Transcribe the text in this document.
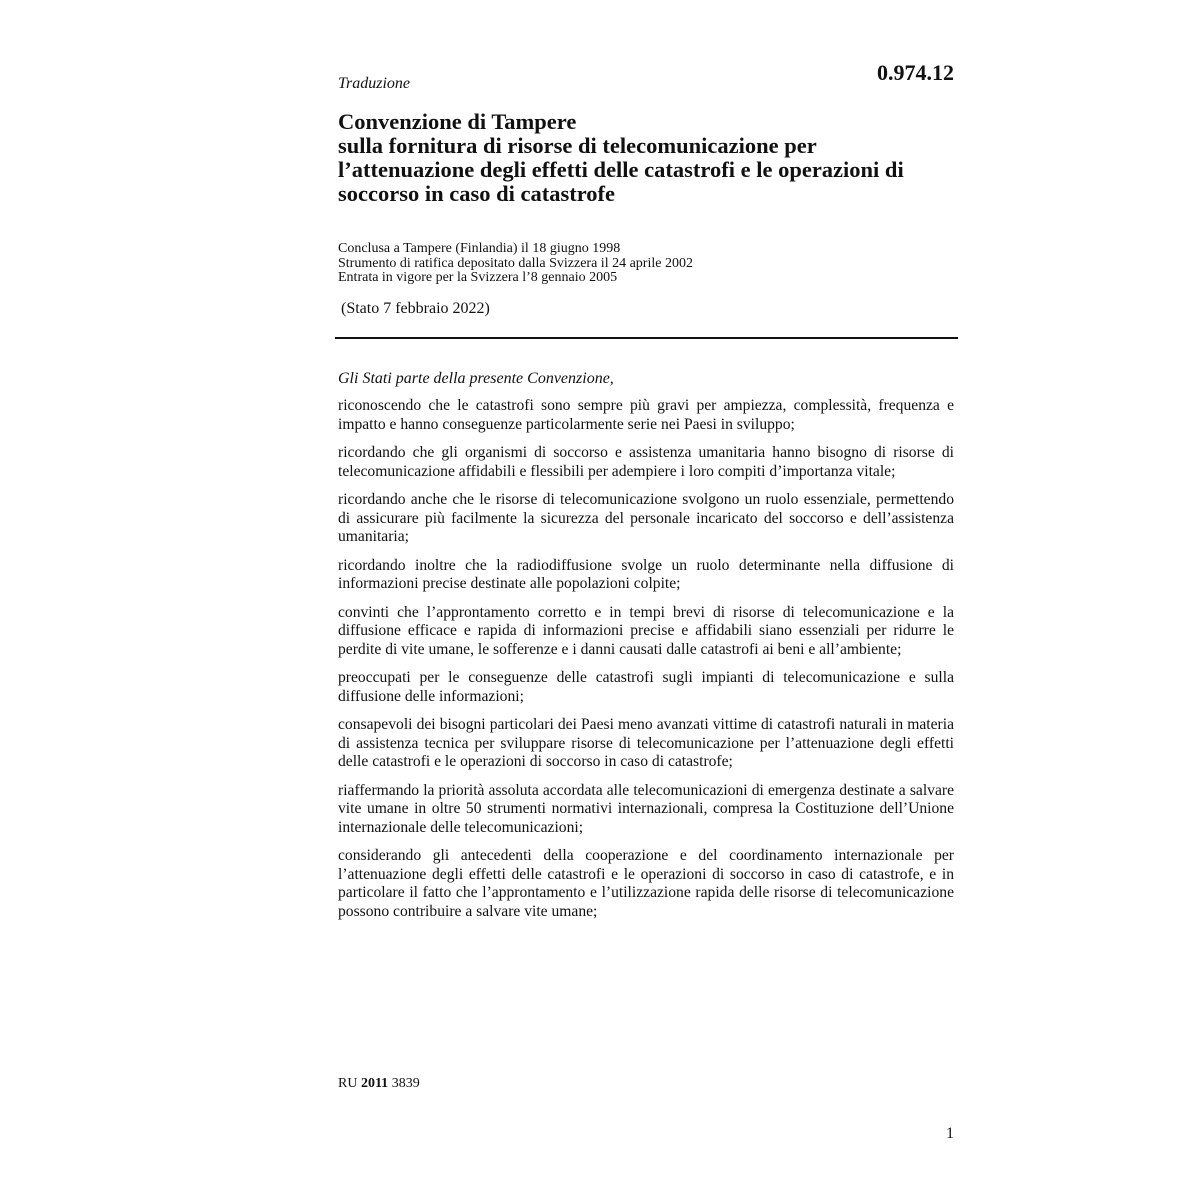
Traduzione	0.974.12
Convenzione di Tampere
sulla fornitura di risorse di telecomunicazione per
l’attenuazione degli effetti delle catastrofi e le operazioni di
soccorso in caso di catastrofe
Conclusa a Tampere (Finlandia) il 18 giugno 1998
Strumento di ratifica depositato dalla Svizzera il 24 aprile 2002
Entrata in vigore per la Svizzera l’8 gennaio 2005
(Stato 7 febbraio 2022)
Gli Stati parte della presente Convenzione,

riconoscendo che le catastrofi sono sempre più gravi per ampiezza, complessità, frequenza e impatto e hanno conseguenze particolarmente serie nei Paesi in sviluppo;

ricordando che gli organismi di soccorso e assistenza umanitaria hanno bisogno di risorse di telecomunicazione affidabili e flessibili per adempiere i loro compiti d’importanza vitale;

ricordando anche che le risorse di telecomunicazione svolgono un ruolo essenziale, permettendo di assicurare più facilmente la sicurezza del personale incaricato del soccorso e dell’assistenza umanitaria;

ricordando inoltre che la radiodiffusione svolge un ruolo determinante nella diffusione di informazioni precise destinate alle popolazioni colpite;

convinti che l’approntamento corretto e in tempi brevi di risorse di telecomunicazione e la diffusione efficace e rapida di informazioni precise e affidabili siano essenziali per ridurre le perdite di vite umane, le sofferenze e i danni causati dalle catastrofi ai beni e all’ambiente;

preoccupati per le conseguenze delle catastrofi sugli impianti di telecomunicazione e sulla diffusione delle informazioni;

consapevoli dei bisogni particolari dei Paesi meno avanzati vittime di catastrofi naturali in materia di assistenza tecnica per sviluppare risorse di telecomunicazione per l’attenuazione degli effetti delle catastrofi e le operazioni di soccorso in caso di catastrofe;

riaffermando la priorità assoluta accordata alle telecomunicazioni di emergenza destinate a salvare vite umane in oltre 50 strumenti normativi internazionali, compresa la Costituzione dell’Unione internazionale delle telecomunicazioni;

considerando gli antecedenti della cooperazione e del coordinamento internazionale per l’attenuazione degli effetti delle catastrofi e le operazioni di soccorso in caso di catastrofe, e in particolare il fatto che l’approntamento e l’utilizzazione rapida delle risorse di telecomunicazione possono contribuire a salvare vite umane;

RU 2011 3839
1
